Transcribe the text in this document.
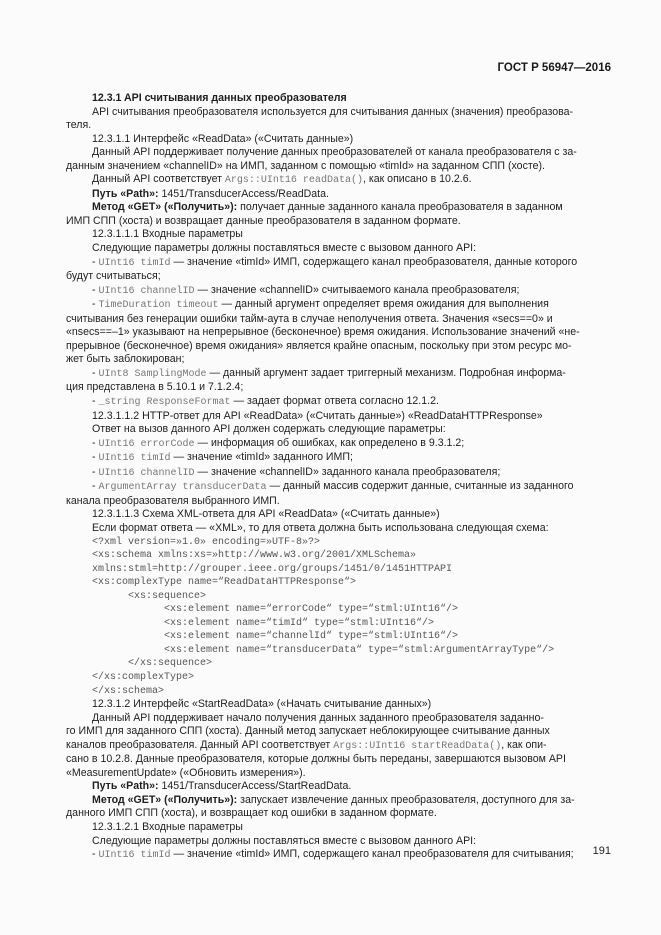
ГОСТ Р 56947—2016

12.3.1 API считывания данных преобразователя

API считывания преобразователя используется для считывания данных (значения) преобразова-

теля.

12.3.1.1 Интерфейс «ReadData» («Считать данные»)

Данный API поддерживает получение данных преобразователей от канала преобразователя с за-

данным значением «channelID» на ИМП, заданном с помощью «timId» на заданном СПП (хосте).

Данный API соответствует Args::UInt16 readData(), как описано в 10.2.6.

Путь «Path»: 1451/TransducerAccess/ReadData.

Метод «GET» («Получить»): получает данные заданного канала преобразователя в заданном

ИМП СПП (хоста) и возвращает данные преобразователя в заданном формате.

12.3.1.1.1 Входные параметры

Следующие параметры должны поставляться вместе с вызовом данного API:

- UInt16 timId — значение «timId» ИМП, содержащего канал преобразователя, данные которого

будут считываться;

- UInt16 channelID — значение «channelID» считываемого канала преобразователя;

- TimeDuration timeout — данный аргумент определяет время ожидания для выполнения

считывания без генерации ошибки тайм-аута в случае неполучения ответа. Значения «secs==0» и

«nsecs==–1» указывают на непрерывное (бесконечное) время ожидания. Использование значений «не-

прерывное (бесконечное) время ожидания» является крайне опасным, поскольку при этом ресурс мо-

жет быть заблокирован;

- UInt8 SamplingMode — данный аргумент задает триггерный механизм. Подробная информа-

ция представлена в 5.10.1 и 7.1.2.4;

- _string ResponseFormat — задает формат ответа согласно 12.1.2.

12.3.1.1.2 HTTP-ответ для API «ReadData» («Считать данные») «ReadDataHTTPResponse»

Ответ на вызов данного API должен содержать следующие параметры:

- UInt16 errorCode — информация об ошибках, как определено в 9.3.1.2;

- UInt16 timId — значение «timId» заданного ИМП;

- UInt16 channelID — значение «channelID» заданного канала преобразователя;

- ArgumentArray transducerData — данный массив содержит данные, считанные из заданного

канала преобразователя выбранного ИМП.

12.3.1.1.3 Схема XML-ответа для API «ReadData» («Считать данные»)

Если формат ответа — «XML», то для ответа должна быть использована следующая схема:

<?xml version=»1.0» encoding=»UTF-8»?>
<xs:schema xmlns:xs=»http://www.w3.org/2001/XMLSchema»
xmlns:stml=http://grouper.ieee.org/groups/1451/0/1451HTTPAPI
<xs:complexType name=“ReadDataHTTPResponse“>
<xs:sequence>
<xs:element name=“errorCode“ type=“stml:UInt16“/>
<xs:element name=“timId“ type=“stml:UInt16“/>
<xs:element name=“channelId“ type=“stml:UInt16“/>
<xs:element name=“transducerData“ type=“stml:ArgumentArrayType“/>
</xs:sequence>
</xs:complexType>
</xs:schema>

12.3.1.2 Интерфейс «StartReadData» («Начать считывание данных»)

Данный API поддерживает начало получения данных заданного преобразователя заданно-

го ИМП для заданного СПП (хоста). Данный метод запускает неблокирующее считывание данных

каналов преобразователя. Данный API соответствует Args::UInt16 startReadData(), как опи-

сано в 10.2.8. Данные преобразователя, которые должны быть переданы, завершаются вызовом API

«MeasurementUpdate» («Обновить измерения»).

Путь «Path»: 1451/TransducerAccess/StartReadData.

Метод «GET» («Получить»): запускает извлечение данных преобразователя, доступного для за-

данного ИМП СПП (хоста), и возвращает код ошибки в заданном формате.

12.3.1.2.1 Входные параметры

Следующие параметры должны поставляться вместе с вызовом данного API:

- UInt16 timId — значение «timId» ИМП, содержащего канал преобразователя для считывания;	191
